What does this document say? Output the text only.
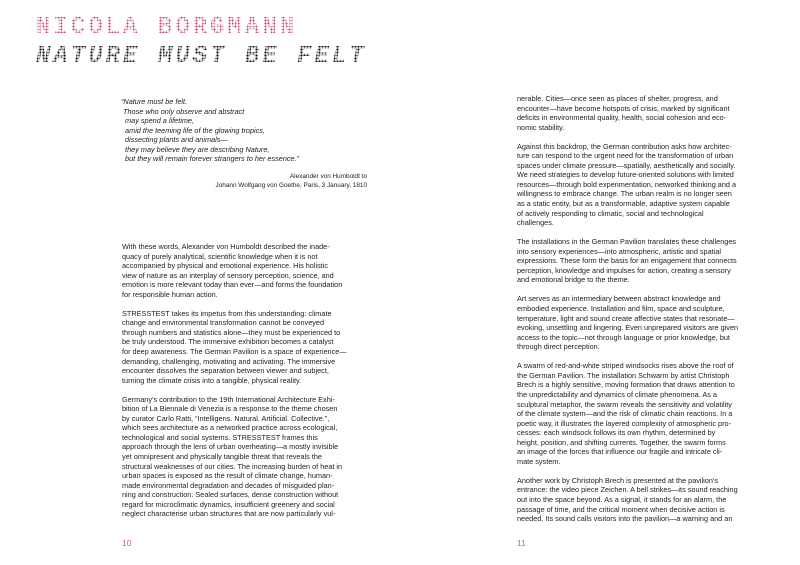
NICOLA BORGMANN
NATURE MUST BE FELT
“Nature must be felt.
Those who only observe and abstract
may spend a lifetime,
amid the teeming life of the glowing tropics,
dissecting plants and animals—
they may believe they are describing Nature,
but they will remain forever strangers to her essence.”
Alexander von Humboldt to
Johann Wolfgang von Goethe, Paris, 3 January, 1810

With these words, Alexander von Humboldt described the inade-
quacy of purely analytical, scientific knowledge when it is not
accompanied by physical and emotional experience. His holistic
view of nature as an interplay of sensory perception, science, and
emotion is more relevant today than ever—and forms the foundation
for responsible human action.

STRESSTEST takes its impetus from this understanding: climate
change and environmental transformation cannot be conveyed
through numbers and statistics alone—they must be experienced to
be truly understood. The immersive exhibition becomes a catalyst
for deep awareness. The German Pavilion is a space of experience—
demanding, challenging, motivating and activating. The immersive
encounter dissolves the separation between viewer and subject,
turning the climate crisis into a tangible, physical reality.

Germany’s contribution to the 19th International Architecture Exhi-
bition of La Biennale di Venezia is a response to the theme chosen
by curator Carlo Ratti, “Intelligens. Natural. Artificial. Collective.”,
which sees architecture as a networked practice across ecological,
technological and social systems. STRESSTEST frames this
approach through the lens of urban overheating—a mostly invisible
yet omnipresent and physically tangible threat that reveals the
structural weaknesses of our cities. The increasing burden of heat in
urban spaces is exposed as the result of climate change, human-
made environmental degradation and decades of misguided plan-
ning and construction. Sealed surfaces, dense construction without
regard for microclimatic dynamics, insufficient greenery and social
neglect characterise urban structures that are now particularly vul-

nerable. Cities—once seen as places of shelter, progress, and
encounter—have become hotspots of crisis, marked by significant
deficits in environmental quality, health, social cohesion and eco-
nomic stability.

Against this backdrop, the German contribution asks how architec-
ture can respond to the urgent need for the transformation of urban
spaces under climate pressure—spatially, aesthetically and socially.
We need strategies to develop future-oriented solutions with limited
resources—through bold experimentation, networked thinking and a
willingness to embrace change. The urban realm is no longer seen
as a static entity, but as a transformable, adaptive system capable
of actively responding to climatic, social and technological
challenges.

The installations in the German Pavilion translates these challenges
into sensory experiences—into atmospheric, artistic and spatial
expressions. These form the basis for an engagement that connects
perception, knowledge and impulses for action, creating a sensory
and emotional bridge to the theme.

Art serves as an intermediary between abstract knowledge and
embodied experience. Installation and film, space and sculpture,
temperature, light and sound create affective states that resonate—
evoking, unsettling and lingering. Even unprepared visitors are given
access to the topic—not through language or prior knowledge, but
through direct perception.

A swarm of red-and-white striped windsocks rises above the roof of
the German Pavilion. The installation Schwarm by artist Christoph
Brech is a highly sensitive, moving formation that draws attention to
the unpredictability and dynamics of climate phenomena. As a
sculptural metaphor, the swarm reveals the sensitivity and volatility
of the climate system—and the risk of climatic chain reactions. In a
poetic way, it illustrates the layered complexity of atmospheric pro-
cesses: each windsock follows its own rhythm, determined by
height, position, and shifting currents. Together, the swarm forms
an image of the forces that influence our fragile and intricate cli-
mate system.

Another work by Christoph Brech is presented at the pavilion’s
entrance: the video piece Zeichen. A bell strikes—its sound reaching
out into the space beyond. As a signal, it stands for an alarm, the
passage of time, and the critical moment when decisive action is
needed. Its sound calls visitors into the pavilion—a warning and an

10	11
